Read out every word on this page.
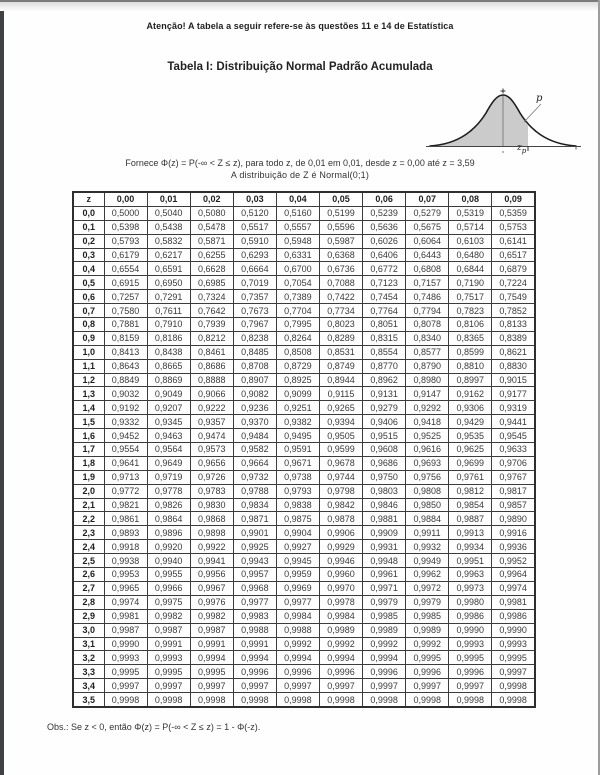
Atenção! A tabela a seguir refere-se às questões 11 e 14 de Estatística
Tabela I: Distribuição Normal Padrão Acumulada
p
$z_p$
Fornece Φ(z) = P(-∞ < Z ≤ z), para todo z, de 0,01 em 0,01, desde z = 0,00 até z = 3,59
A distribuição de Z é Normal(0;1)
z	0,00	0,01	0,02	0,03	0,04	0,05	0,06	0,07	0,08	0,09
0,0	0,5000	0,5040	0,5080	0,5120	0,5160	0,5199	0,5239	0,5279	0,5319	0,5359
0,1	0,5398	0,5438	0,5478	0,5517	0,5557	0,5596	0,5636	0,5675	0,5714	0,5753
0,2	0,5793	0,5832	0,5871	0,5910	0,5948	0,5987	0,6026	0,6064	0,6103	0,6141
0,3	0,6179	0,6217	0,6255	0,6293	0,6331	0,6368	0,6406	0,6443	0,6480	0,6517
0,4	0,6554	0,6591	0,6628	0,6664	0,6700	0,6736	0,6772	0,6808	0,6844	0,6879
0,5	0,6915	0,6950	0,6985	0,7019	0,7054	0,7088	0,7123	0,7157	0,7190	0,7224
0,6	0,7257	0,7291	0,7324	0,7357	0,7389	0,7422	0,7454	0,7486	0,7517	0,7549
0,7	0,7580	0,7611	0,7642	0,7673	0,7704	0,7734	0,7764	0,7794	0,7823	0,7852
0,8	0,7881	0,7910	0,7939	0,7967	0,7995	0,8023	0,8051	0,8078	0,8106	0,8133
0,9	0,8159	0,8186	0,8212	0,8238	0,8264	0,8289	0,8315	0,8340	0,8365	0,8389
1,0	0,8413	0,8438	0,8461	0,8485	0,8508	0,8531	0,8554	0,8577	0,8599	0,8621
1,1	0,8643	0,8665	0,8686	0,8708	0,8729	0,8749	0,8770	0,8790	0,8810	0,8830
1,2	0,8849	0,8869	0,8888	0,8907	0,8925	0,8944	0,8962	0,8980	0,8997	0,9015
1,3	0,9032	0,9049	0,9066	0,9082	0,9099	0,9115	0,9131	0,9147	0,9162	0,9177
1,4	0,9192	0,9207	0,9222	0,9236	0,9251	0,9265	0,9279	0,9292	0,9306	0,9319
1,5	0,9332	0,9345	0,9357	0,9370	0,9382	0,9394	0,9406	0,9418	0,9429	0,9441
1,6	0,9452	0,9463	0,9474	0,9484	0,9495	0,9505	0,9515	0,9525	0,9535	0,9545
1,7	0,9554	0,9564	0,9573	0,9582	0,9591	0,9599	0,9608	0,9616	0,9625	0,9633
1,8	0,9641	0,9649	0,9656	0,9664	0,9671	0,9678	0,9686	0,9693	0,9699	0,9706
1,9	0,9713	0,9719	0,9726	0,9732	0,9738	0,9744	0,9750	0,9756	0,9761	0,9767
2,0	0,9772	0,9778	0,9783	0,9788	0,9793	0,9798	0,9803	0,9808	0,9812	0,9817
2,1	0,9821	0,9826	0,9830	0,9834	0,9838	0,9842	0,9846	0,9850	0,9854	0,9857
2,2	0,9861	0,9864	0,9868	0,9871	0,9875	0,9878	0,9881	0,9884	0,9887	0,9890
2,3	0,9893	0,9896	0,9898	0,9901	0,9904	0,9906	0,9909	0,9911	0,9913	0,9916
2,4	0,9918	0,9920	0,9922	0,9925	0,9927	0,9929	0,9931	0,9932	0,9934	0,9936
2,5	0,9938	0,9940	0,9941	0,9943	0,9945	0,9946	0,9948	0,9949	0,9951	0,9952
2,6	0,9953	0,9955	0,9956	0,9957	0,9959	0,9960	0,9961	0,9962	0,9963	0,9964
2,7	0,9965	0,9966	0,9967	0,9968	0,9969	0,9970	0,9971	0,9972	0,9973	0,9974
2,8	0,9974	0,9975	0,9976	0,9977	0,9977	0,9978	0,9979	0,9979	0,9980	0,9981
2,9	0,9981	0,9982	0,9982	0,9983	0,9984	0,9984	0,9985	0,9985	0,9986	0,9986
3,0	0,9987	0,9987	0,9987	0,9988	0,9988	0,9989	0,9989	0,9989	0,9990	0,9990
3,1	0,9990	0,9991	0,9991	0,9991	0,9992	0,9992	0,9992	0,9992	0,9993	0,9993
3,2	0,9993	0,9993	0,9994	0,9994	0,9994	0,9994	0,9994	0,9995	0,9995	0,9995
3,3	0,9995	0,9995	0,9995	0,9996	0,9996	0,9996	0,9996	0,9996	0,9996	0,9997
3,4	0,9997	0,9997	0,9997	0,9997	0,9997	0,9997	0,9997	0,9997	0,9997	0,9998
3,5	0,9998	0,9998	0,9998	0,9998	0,9998	0,9998	0,9998	0,9998	0,9998	0,9998
Obs.: Se z < 0, então Φ(z) = P(-∞ < Z ≤ z) = 1 - Φ(-z).
